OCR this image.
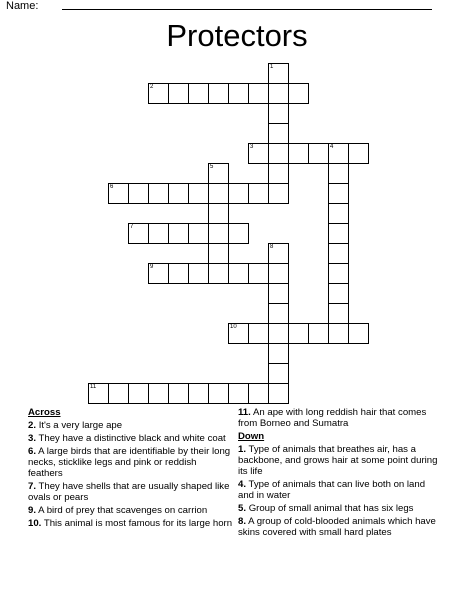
Name:
Protectors
2
1
3	4
5
6
7
8
9
10
11
Across
2. It's a very large ape
3. They have a distinctive black and white coat
6. A large birds that are identifiable by their long necks, sticklike legs and pink or reddish feathers
7. They have shells that are usually shaped like ovals or pears
9. A bird of prey that scavenges on carrion
10. This animal is most famous for its large horn
11. An ape with long reddish hair that comes from Borneo and Sumatra
Down
1. Type of animals that breathes air, has a backbone, and grows hair at some point during its life
4. Type of animals that can live both on land and in water
5. Group of small animal that has six legs
8. A group of cold-blooded animals which have skins covered with small hard plates
